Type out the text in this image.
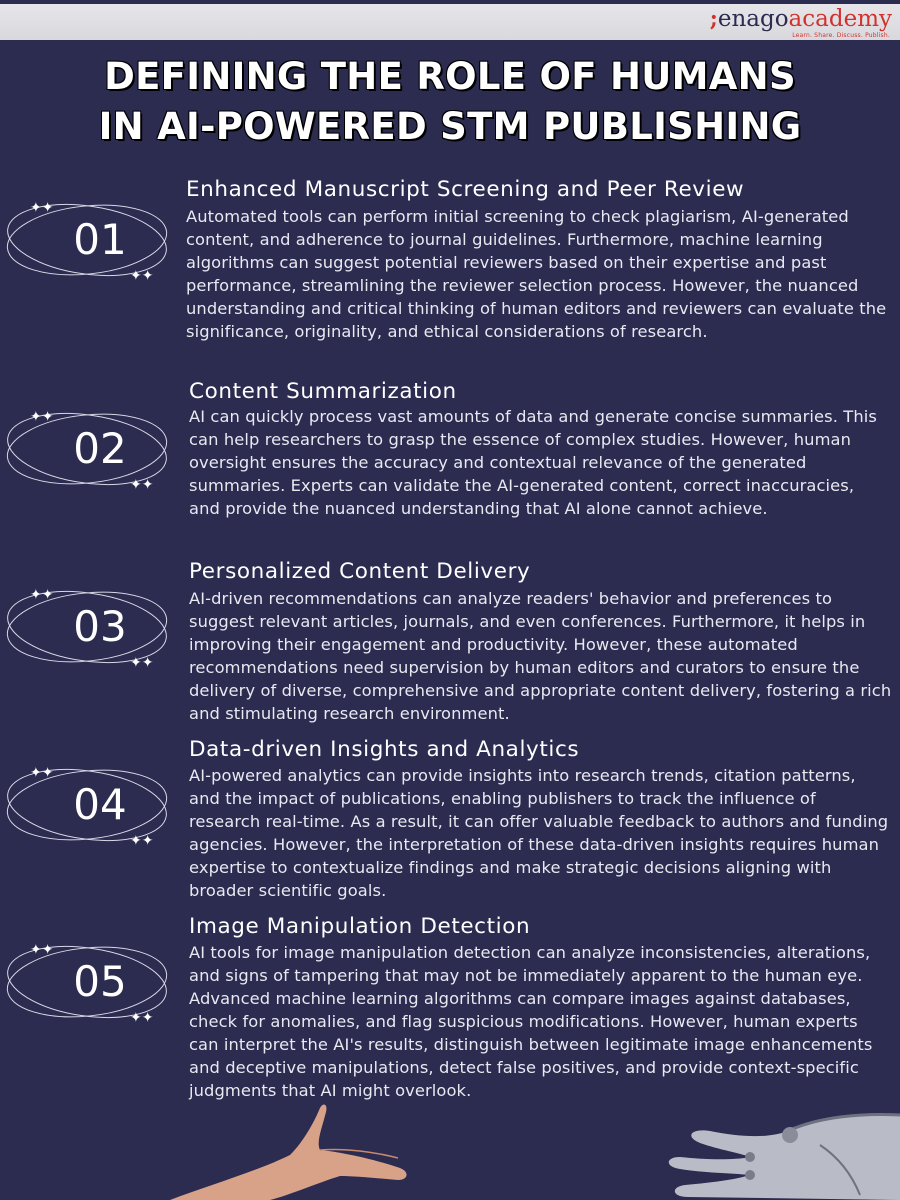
;enagoacademy
Learn. Share. Discuss. Publish.
DEFINING THE ROLE OF HUMANS
IN AI-POWERED STM PUBLISHING
✦✦
✦✦
01
Enhanced Manuscript Screening and Peer Review
Automated tools can perform initial screening to check plagiarism, AI-generated content, and adherence to journal guidelines. Furthermore, machine learning algorithms can suggest potential reviewers based on their expertise and past performance, streamlining the reviewer selection process. However, the nuanced understanding and critical thinking of human editors and reviewers can evaluate the significance, originality, and ethical considerations of research.
✦✦
✦✦
02
Content Summarization
AI can quickly process vast amounts of data and generate concise summaries. This can help researchers to grasp the essence of complex studies. However, human oversight ensures the accuracy and contextual relevance of the generated summaries. Experts can validate the AI-generated content, correct inaccuracies, and provide the nuanced understanding that AI alone cannot achieve.
✦✦
✦✦
03
Personalized Content Delivery
AI-driven recommendations can analyze readers' behavior and preferences to suggest relevant articles, journals, and even conferences. Furthermore, it helps in improving their engagement and productivity. However, these automated recommendations need supervision by human editors and curators to ensure the delivery of diverse, comprehensive and appropriate content delivery, fostering a rich and stimulating research environment.
✦✦
✦✦
04
Data-driven Insights and Analytics
AI-powered analytics can provide insights into research trends, citation patterns, and the impact of publications, enabling publishers to track the influence of research real-time. As a result, it can offer valuable feedback to authors and funding agencies. However, the interpretation of these data-driven insights requires human expertise to contextualize findings and make strategic decisions aligning with broader scientific goals.
✦✦
✦✦
05
Image Manipulation Detection
AI tools for image manipulation detection can analyze inconsistencies, alterations, and signs of tampering that may not be immediately apparent to the human eye. Advanced machine learning algorithms can compare images against databases, check for anomalies, and flag suspicious modifications. However, human experts can interpret the AI's results, distinguish between legitimate image enhancements and deceptive manipulations, detect false positives, and provide context-specific judgments that AI might overlook.
